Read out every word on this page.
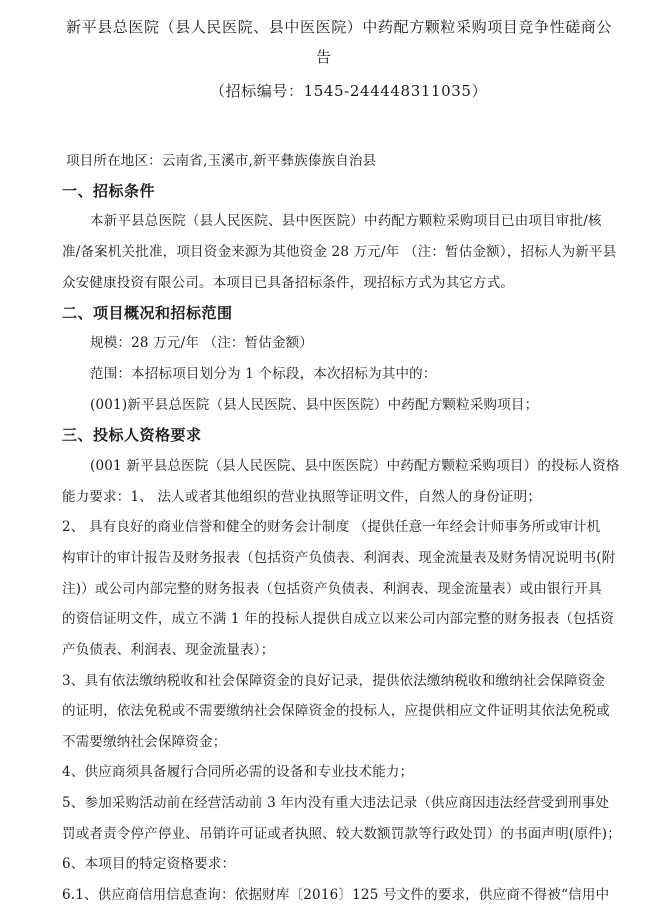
新平县总医院（县人民医院、县中医医院）中药配方颗粒采购项目竞争性磋商公
告
（招标编号：1545-244448311035）
项目所在地区：云南省,玉溪市,新平彝族傣族自治县
一、招标条件
本新平县总医院（县人民医院、县中医医院）中药配方颗粒采购项目已由项目审批/核
准/备案机关批准，项目资金来源为其他资金 28 万元/年 （注：暂估金额），招标人为新平县
众安健康投资有限公司。本项目已具备招标条件，现招标方式为其它方式。
二、项目概况和招标范围
规模：28 万元/年 （注：暂估金额）
范围：本招标项目划分为 1 个标段，本次招标为其中的：
(001)新平县总医院（县人民医院、县中医医院）中药配方颗粒采购项目；
三、投标人资格要求
(001 新平县总医院（县人民医院、县中医医院）中药配方颗粒采购项目）的投标人资格
能力要求：1、 法人或者其他组织的营业执照等证明文件，自然人的身份证明；
2、 具有良好的商业信誉和健全的财务会计制度 （提供任意一年经会计师事务所或审计机
构审计的审计报告及财务报表（包括资产负债表、利润表、现金流量表及财务情况说明书(附
注)）或公司内部完整的财务报表（包括资产负债表、利润表、现金流量表）或由银行开具
的资信证明文件，成立不满 1 年的投标人提供自成立以来公司内部完整的财务报表（包括资
产负债表、利润表、现金流量表）；
3、具有依法缴纳税收和社会保障资金的良好记录，提供依法缴纳税收和缴纳社会保障资金
的证明，依法免税或不需要缴纳社会保障资金的投标人，应提供相应文件证明其依法免税或
不需要缴纳社会保障资金；
4、供应商须具备履行合同所必需的设备和专业技术能力；
5、参加采购活动前在经营活动前 3 年内没有重大违法记录（供应商因违法经营受到刑事处
罚或者责令停产停业、吊销许可证或者执照、较大数额罚款等行政处罚）的书面声明(原件)；
6、本项目的特定资格要求：
6.1、供应商信用信息查询：依据财库〔2016〕125 号文件的要求，供应商不得被“信用中
